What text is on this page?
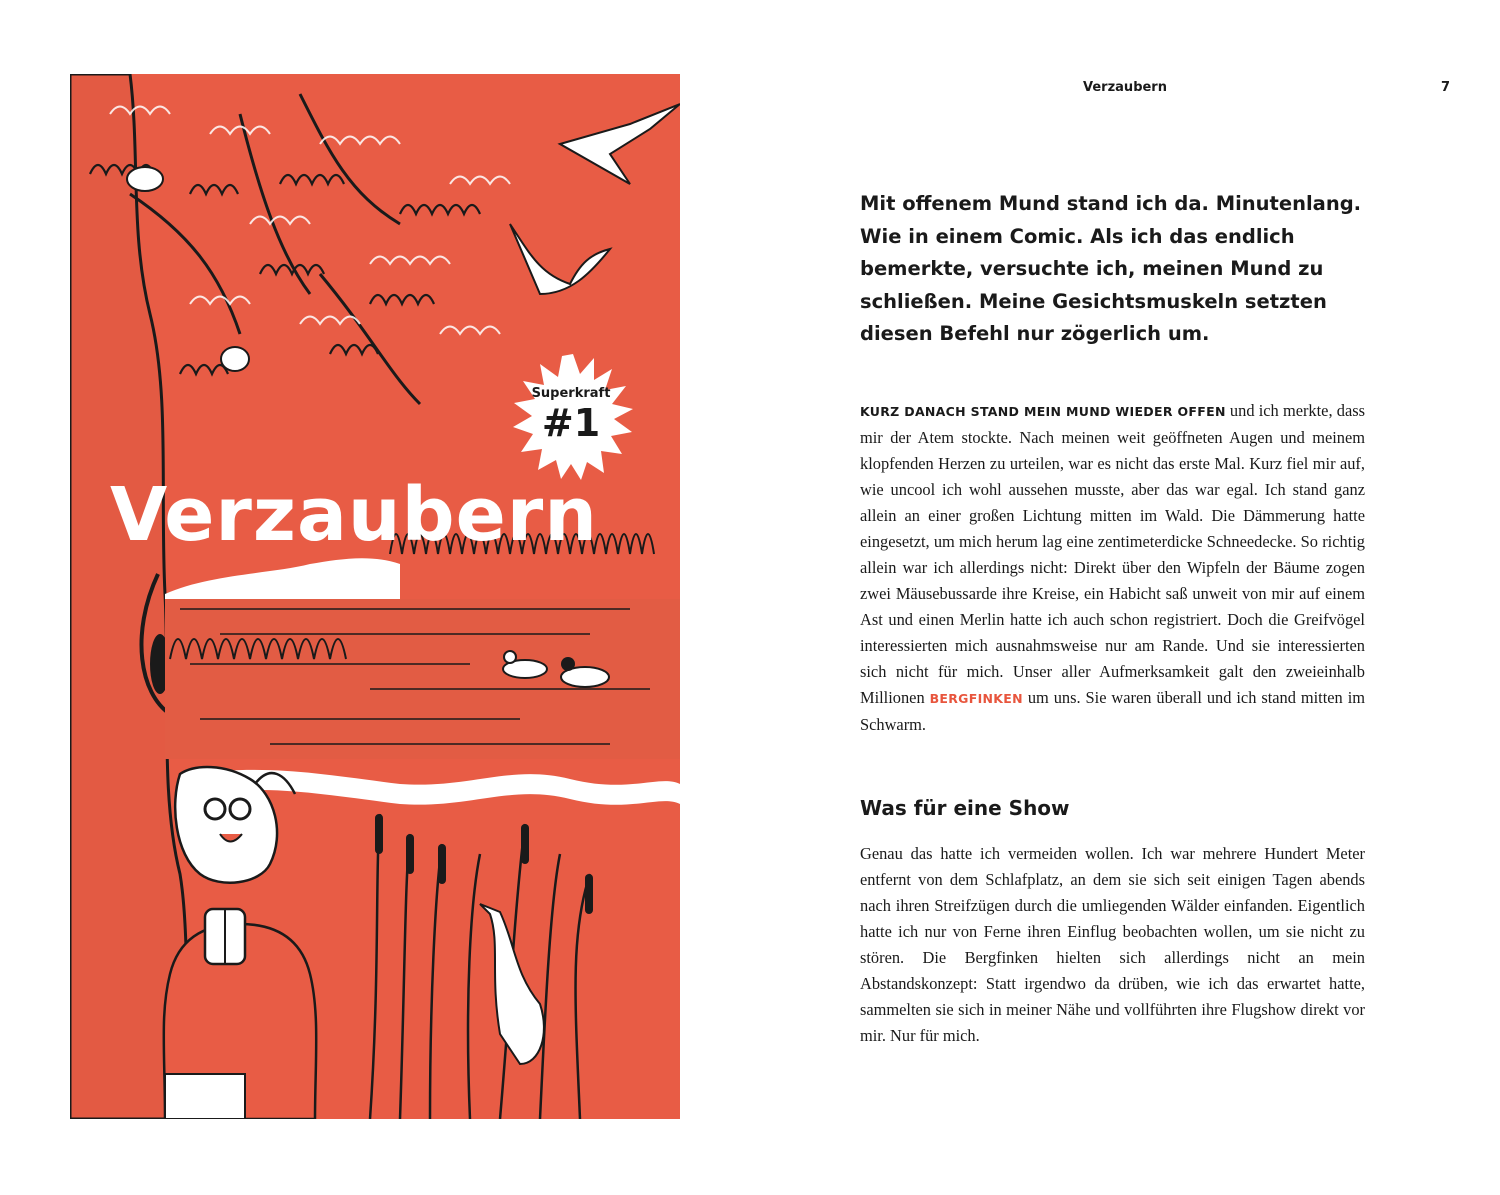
Superkraft
#1
Verzaubern
Verzaubern	7

Mit offenem Mund stand ich da. Minutenlang. Wie in einem Comic. Als ich das endlich bemerkte, versuchte ich, meinen Mund zu schließen. Meine Gesichtsmuskeln setzten diesen Befehl nur zögerlich um.

KURZ DANACH STAND MEIN MUND WIEDER OFFEN und ich merkte, dass mir der Atem stockte. Nach meinen weit geöffneten Augen und meinem klopfenden Herzen zu urteilen, war es nicht das erste Mal. Kurz fiel mir auf, wie uncool ich wohl aussehen musste, aber das war egal. Ich stand ganz allein an einer großen Lichtung mitten im Wald. Die Dämmerung hatte eingesetzt, um mich herum lag eine zentimeterdicke Schneedecke. So richtig allein war ich allerdings nicht: Direkt über den Wipfeln der Bäume zogen zwei Mäusebussarde ihre Kreise, ein Habicht saß unweit von mir auf einem Ast und einen Merlin hatte ich auch schon registriert. Doch die Greifvögel interessierten mich ausnahmsweise nur am Rande. Und sie interessierten sich nicht für mich. Unser aller Aufmerksamkeit galt den zweieinhalb Millionen BERGFINKEN um uns. Sie waren überall und ich stand mitten im Schwarm.

Was für eine Show

Genau das hatte ich vermeiden wollen. Ich war mehrere Hundert Meter entfernt von dem Schlafplatz, an dem sie sich seit einigen Tagen abends nach ihren Streifzügen durch die umliegenden Wälder einfanden. Eigentlich hatte ich nur von Ferne ihren Einflug beobachten wollen, um sie nicht zu stören. Die Bergfinken hielten sich allerdings nicht an mein Abstandskonzept: Statt irgendwo da drüben, wie ich das erwartet hatte, sammelten sie sich in meiner Nähe und vollführten ihre Flugshow direkt vor mir. Nur für mich.
